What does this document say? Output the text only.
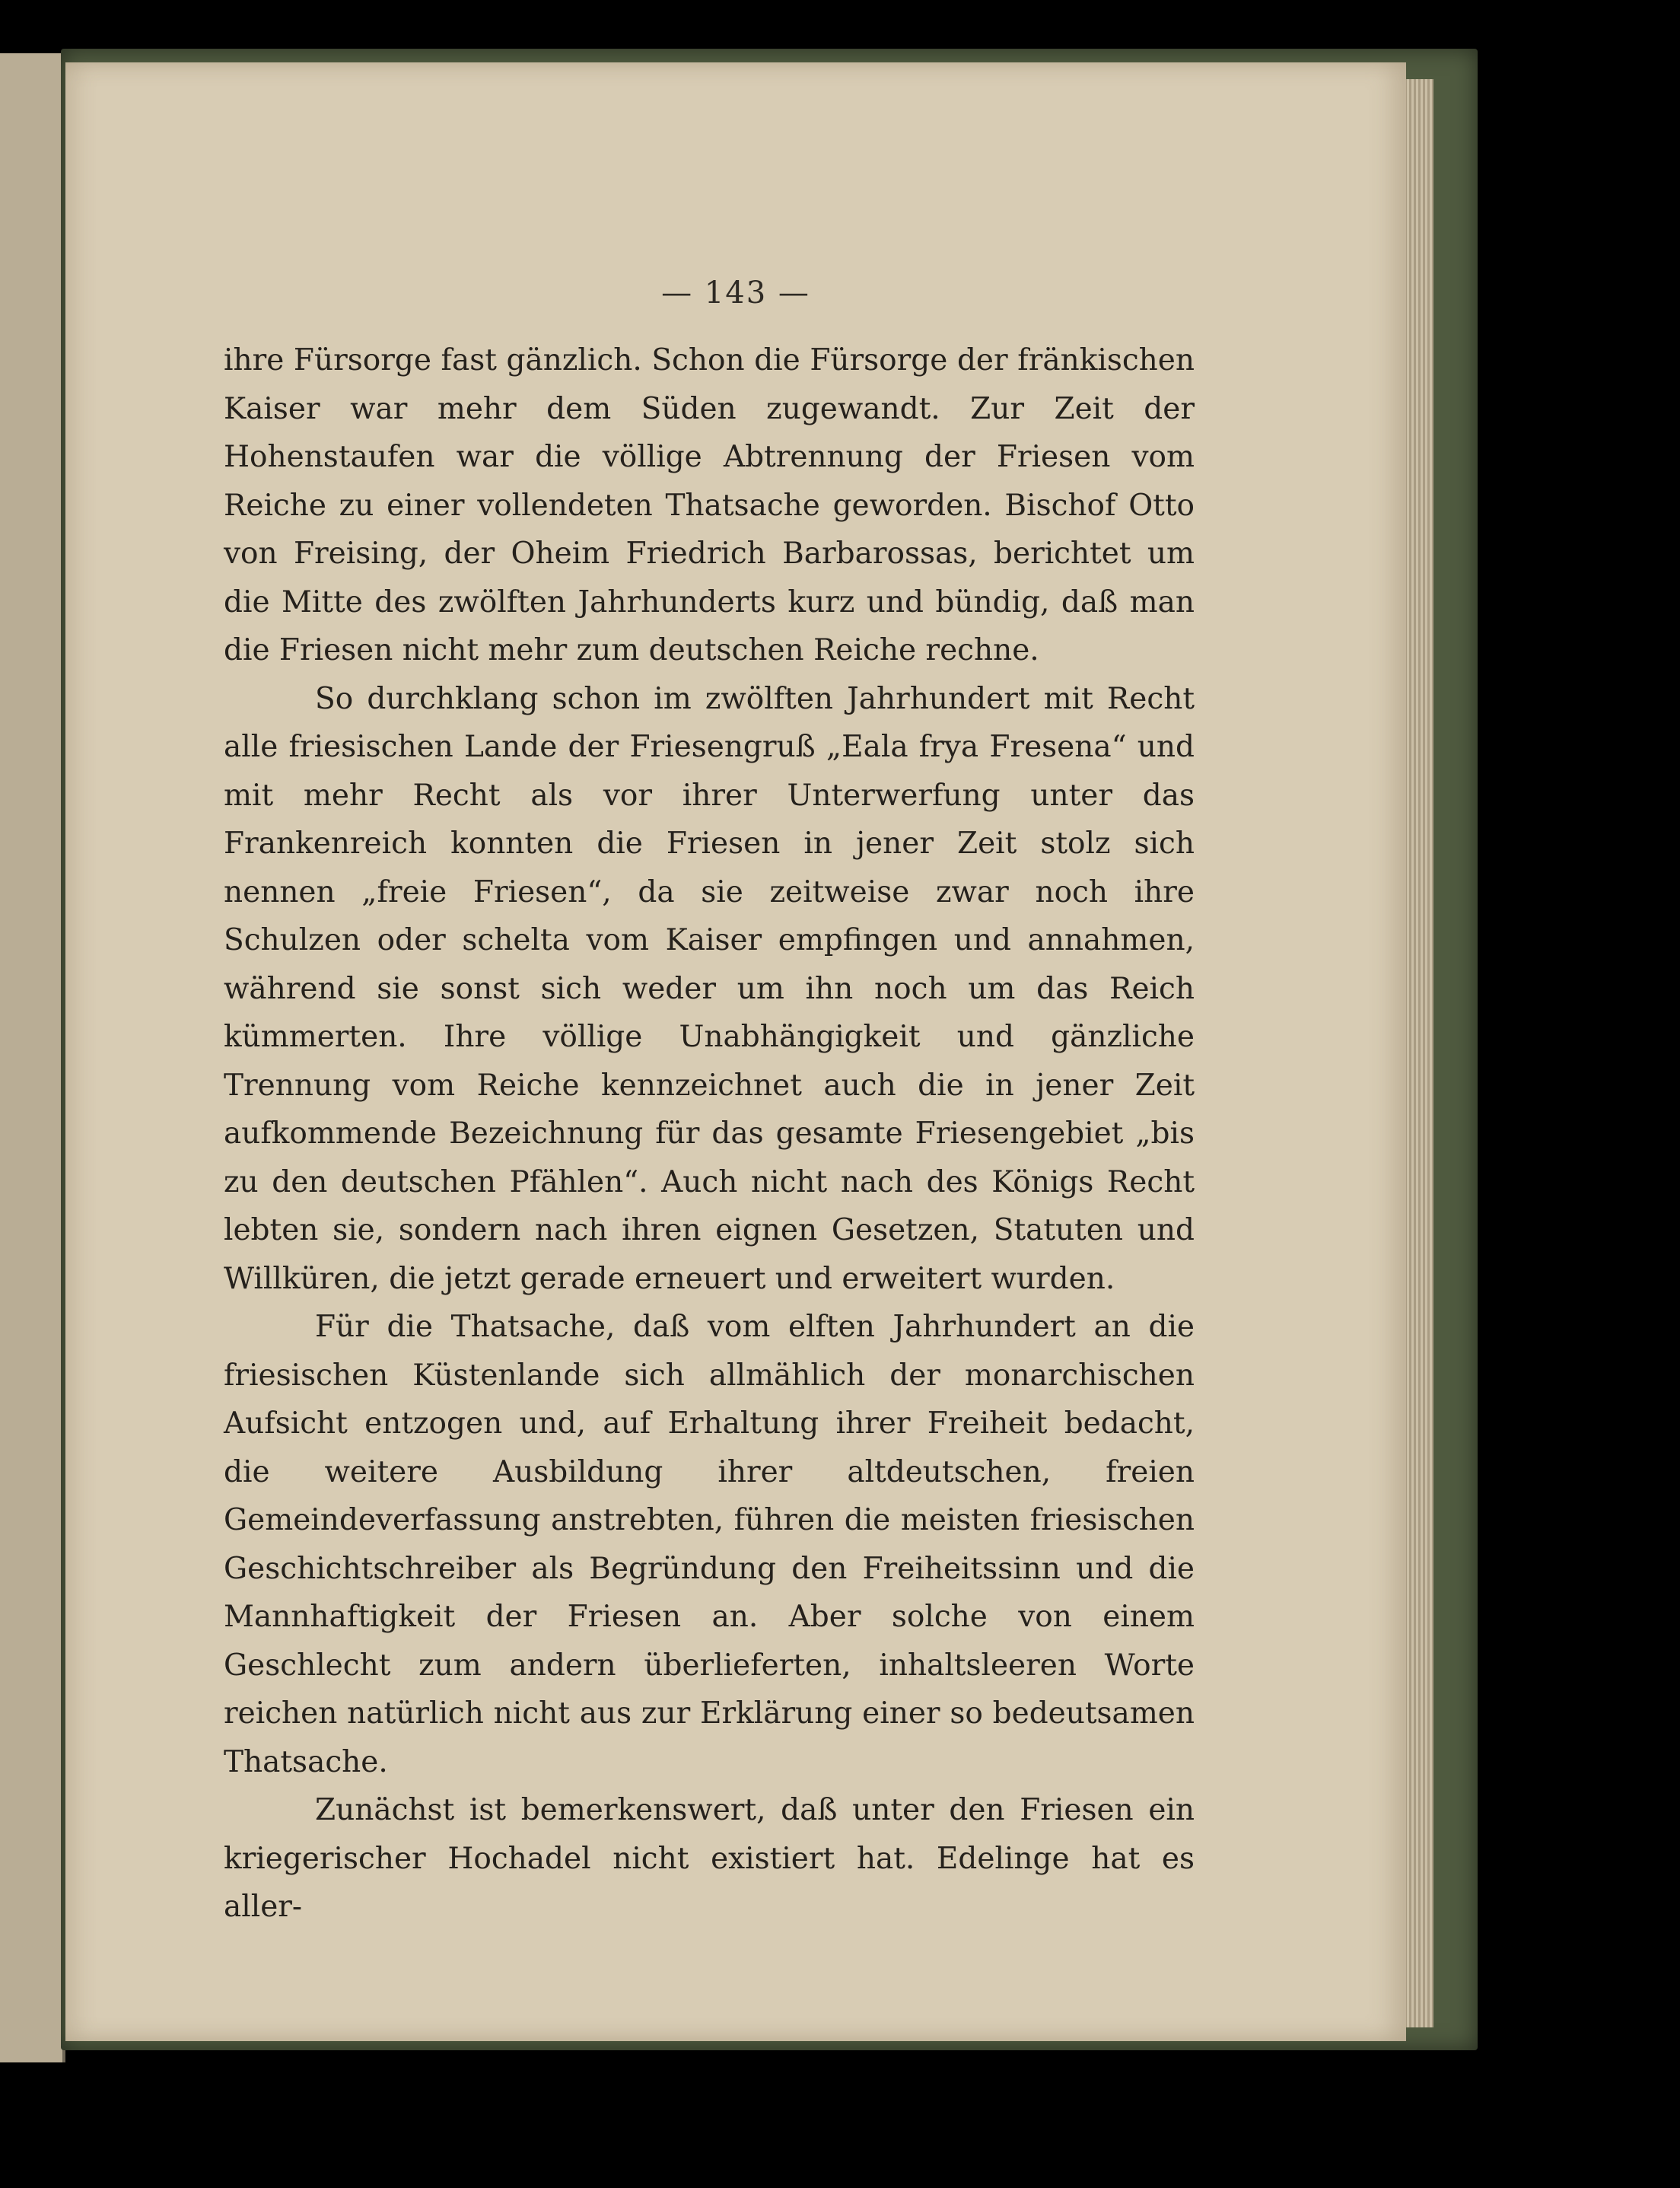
— 143 —

ihre Fürsorge fast gänzlich. Schon die Fürsorge der fränkischen Kaiser war mehr dem Süden zugewandt. Zur Zeit der Hohenstaufen war die völlige Abtrennung der Friesen vom Reiche zu einer vollendeten Thatsache geworden. Bischof Otto von Freising, der Oheim Friedrich Barbarossas, berichtet um die Mitte des zwölften Jahrhunderts kurz und bündig, daß man die Friesen nicht mehr zum deutschen Reiche rechne.

So durchklang schon im zwölften Jahrhundert mit Recht alle friesischen Lande der Friesengruß „Eala frya Fresena“ und mit mehr Recht als vor ihrer Unterwerfung unter das Frankenreich konnten die Friesen in jener Zeit stolz sich nennen „freie Friesen“, da sie zeitweise zwar noch ihre Schulzen oder schelta vom Kaiser empfingen und annahmen, während sie sonst sich weder um ihn noch um das Reich kümmerten. Ihre völlige Unabhängigkeit und gänzliche Trennung vom Reiche kennzeichnet auch die in jener Zeit aufkommende Bezeichnung für das gesamte Friesengebiet „bis zu den deutschen Pfählen“. Auch nicht nach des Königs Recht lebten sie, sondern nach ihren eignen Gesetzen, Statuten und Willküren, die jetzt gerade erneuert und erweitert wurden.

Für die Thatsache, daß vom elften Jahrhundert an die friesischen Küstenlande sich allmählich der monarchischen Aufsicht entzogen und, auf Erhaltung ihrer Freiheit bedacht, die weitere Ausbildung ihrer altdeutschen, freien Gemeindeverfassung anstrebten, führen die meisten friesischen Geschichtschreiber als Begründung den Freiheitssinn und die Mannhaftigkeit der Friesen an. Aber solche von einem Geschlecht zum andern überlieferten, inhaltsleeren Worte reichen natürlich nicht aus zur Erklärung einer so bedeutsamen Thatsache.

Zunächst ist bemerkenswert, daß unter den Friesen ein kriegerischer Hochadel nicht existiert hat. Edelinge hat es aller-
